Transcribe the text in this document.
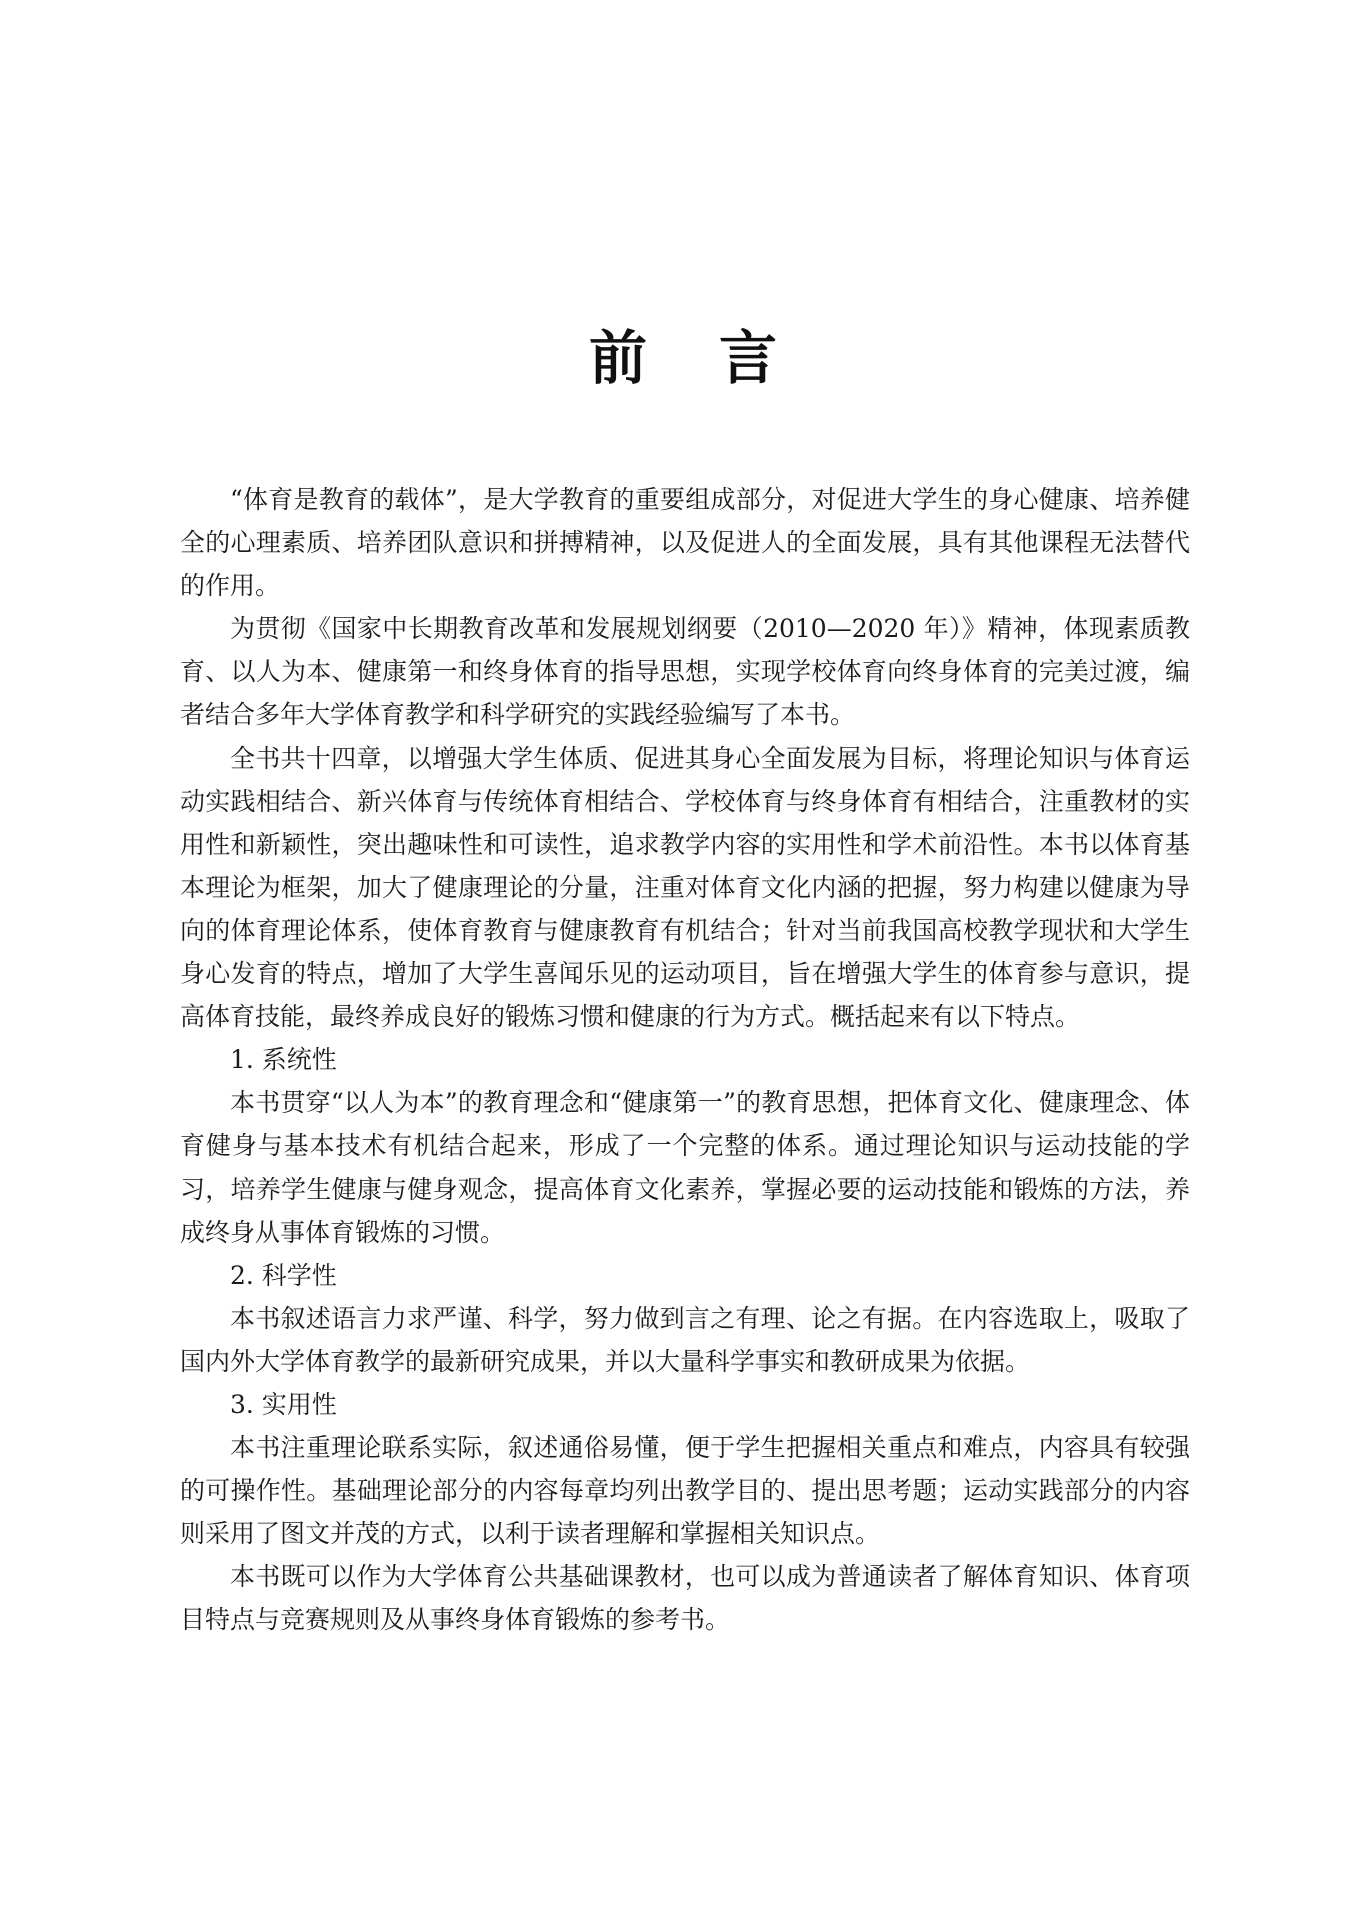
前言

“体育是教育的载体”，是大学教育的重要组成部分，对促进大学生的身心健康、培养健全的心理素质、培养团队意识和拼搏精神，以及促进人的全面发展，具有其他课程无法替代的作用。

为贯彻《国家中长期教育改革和发展规划纲要（2010—2020 年）》精神，体现素质教育、以人为本、健康第一和终身体育的指导思想，实现学校体育向终身体育的完美过渡，编者结合多年大学体育教学和科学研究的实践经验编写了本书。

全书共十四章，以增强大学生体质、促进其身心全面发展为目标，将理论知识与体育运动实践相结合、新兴体育与传统体育相结合、学校体育与终身体育有相结合，注重教材的实用性和新颖性，突出趣味性和可读性，追求教学内容的实用性和学术前沿性。本书以体育基本理论为框架，加大了健康理论的分量，注重对体育文化内涵的把握，努力构建以健康为导向的体育理论体系，使体育教育与健康教育有机结合；针对当前我国高校教学现状和大学生身心发育的特点，增加了大学生喜闻乐见的运动项目，旨在增强大学生的体育参与意识，提高体育技能，最终养成良好的锻炼习惯和健康的行为方式。概括起来有以下特点。

1. 系统性

本书贯穿“以人为本”的教育理念和“健康第一”的教育思想，把体育文化、健康理念、体育健身与基本技术有机结合起来，形成了一个完整的体系。通过理论知识与运动技能的学习，培养学生健康与健身观念，提高体育文化素养，掌握必要的运动技能和锻炼的方法，养成终身从事体育锻炼的习惯。

2. 科学性

本书叙述语言力求严谨、科学，努力做到言之有理、论之有据。在内容选取上，吸取了国内外大学体育教学的最新研究成果，并以大量科学事实和教研成果为依据。

3. 实用性

本书注重理论联系实际，叙述通俗易懂，便于学生把握相关重点和难点，内容具有较强的可操作性。基础理论部分的内容每章均列出教学目的、提出思考题；运动实践部分的内容则采用了图文并茂的方式，以利于读者理解和掌握相关知识点。

本书既可以作为大学体育公共基础课教材，也可以成为普通读者了解体育知识、体育项目特点与竞赛规则及从事终身体育锻炼的参考书。
